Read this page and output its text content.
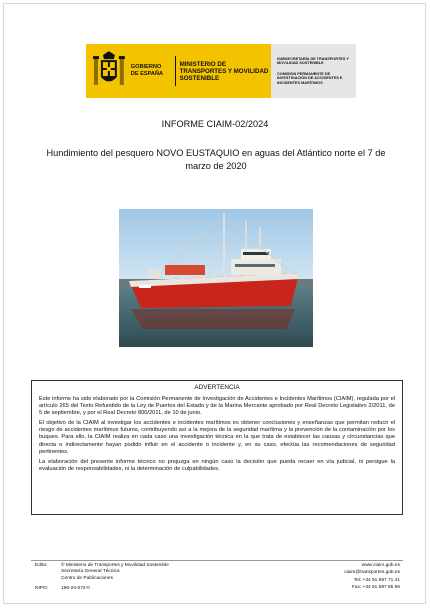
GOBIERNO DE ESPAÑA
MINISTERIO DE TRANSPORTES Y MOVILIDAD SOSTENIBLE
SUBSECRETARÍA DE TRANSPORTES Y MOVILIDAD SOSTENIBLE
COMISIÓN PERMANENTE DE INVESTIGACIÓN DE ACCIDENTES E INCIDENTES MARÍTIMOS
INFORME CIAIM-02/2024
Hundimiento del pesquero NOVO EUSTAQUIO en aguas del Atlántico norte el 7 de marzo de 2020
ADVERTENCIA

Este informe ha sido elaborado por la Comisión Permanente de Investigación de Accidentes e Incidentes Marítimos (CIAIM), regulada por el artículo 265 del Texto Refundido de la Ley de Puertos del Estado y de la Marina Mercante aprobado por Real Decreto Legislativo 2/2011, de 5 de septiembre, y por el Real Decreto 800/2011, de 10 de junio.

El objetivo de la CIAIM al investigar los accidentes e incidentes marítimos es obtener conclusiones y enseñanzas que permitan reducir el riesgo de accidentes marítimos futuros, contribuyendo así a la mejora de la seguridad marítima y la prevención de la contaminación por los buques. Para ello, la CIAIM realiza en cada caso una investigación técnica en la que trata de establecer las causas y circunstancias que directa o indirectamente hayan podido influir en el accidente o incidente y, en su caso, efectúa las recomendaciones de seguridad pertinentes.

La elaboración del presente informe técnico no prejuzga en ningún caso la decisión que pueda recaer en vía judicial, ni persigue la evaluación de responsabilidades, ni la determinación de culpabilidades.

Edita:	© Ministerio de Transportes y Movilidad Sostenible
Secretaría General Técnica
Centro de Publicaciones
NIPO:	196-24-072-0
www.ciaim.gob.es
ciaim@transportes.gob.es
Tel: +34 91 597 71 41
Fax: +34 91 597 85 96
